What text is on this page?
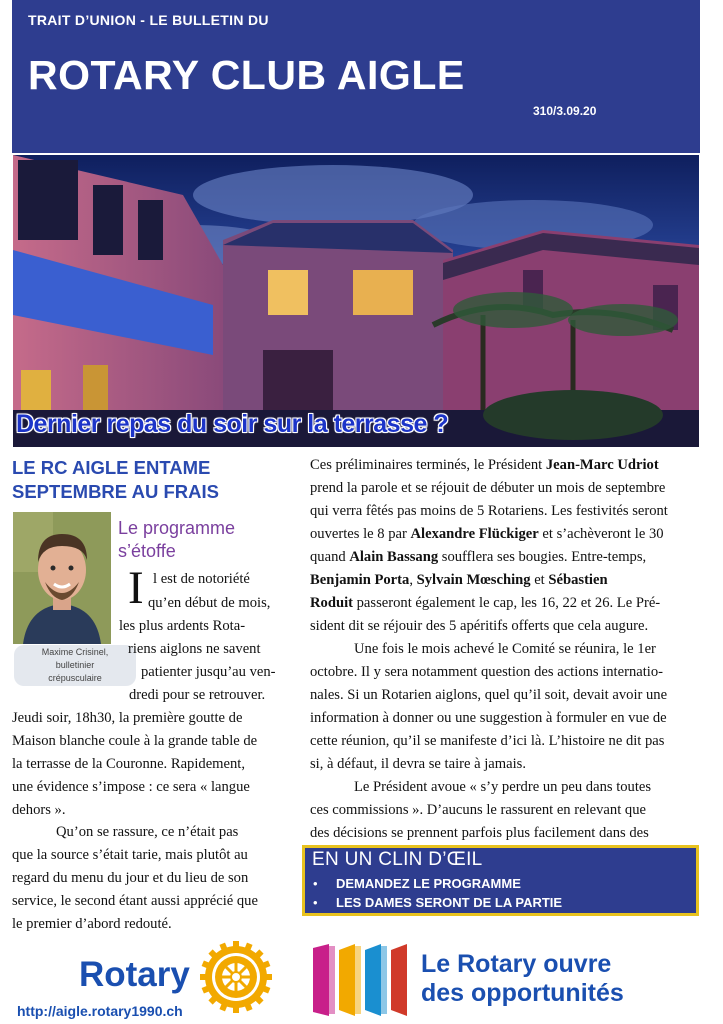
TRAIT D’UNION - LE BULLETIN DU
ROTARY CLUB AIGLE
310/3.09.20
Dernier repas du soir sur la terrasse ?
LE RC AIGLE ENTAME
SEPTEMBRE AU FRAIS
Maxime Crisinel,
bulletinier
crépusculaire
Le programme
s’étoffe
I l est de notoriété
qu’en début de mois,
les plus ardents Rota-
riens aiglons ne savent
patienter jusqu’au ven-
dredi pour se retrouver.
Jeudi soir, 18h30, la première goutte de
Maison blanche coule à la grande table de
la terrasse de la Couronne. Rapidement,
une évidence s’impose : ce sera « langue
dehors ».
Qu’on se rassure, ce n’était pas
que la source s’était tarie, mais plutôt au
regard du menu du jour et du lieu de son
service, le second étant aussi apprécié que
le premier d’abord redouté.
Ces préliminaires terminés, le Président Jean-Marc Udriot
prend la parole et se réjouit de débuter un mois de septembre
qui verra fêtés pas moins de 5 Rotariens. Les festivités seront
ouvertes le 8 par Alexandre Flückiger et s’achèveront le 30
quand Alain Bassang soufflera ses bougies. Entre-temps,
Benjamin Porta, Sylvain Mœsching et Sébastien
Roduit passeront également le cap, les 16, 22 et 26. Le Pré-
sident dit se réjouir des 5 apéritifs offerts que cela augure.
Une fois le mois achevé le Comité se réunira, le 1er
octobre. Il y sera notamment question des actions internatio-
nales. Si un Rotarien aiglons, quel qu’il soit, devait avoir une
information à donner ou une suggestion à formuler en vue de
cette réunion, qu’il se manifeste d’ici là. L’histoire ne dit pas
si, à défaut, il devra se taire à jamais.
Le Président avoue « s’y perdre un peu dans toutes
ces commissions ». D’aucuns le rassurent en relevant que
des décisions se prennent parfois plus facilement dans des
EN UN CLIN D’ŒIL
• DEMANDEZ LE PROGRAMME
• LES DAMES SERONT DE LA PARTIE
Rotary
http://aigle.rotary1990.ch
Le Rotary ouvre
des opportunités
